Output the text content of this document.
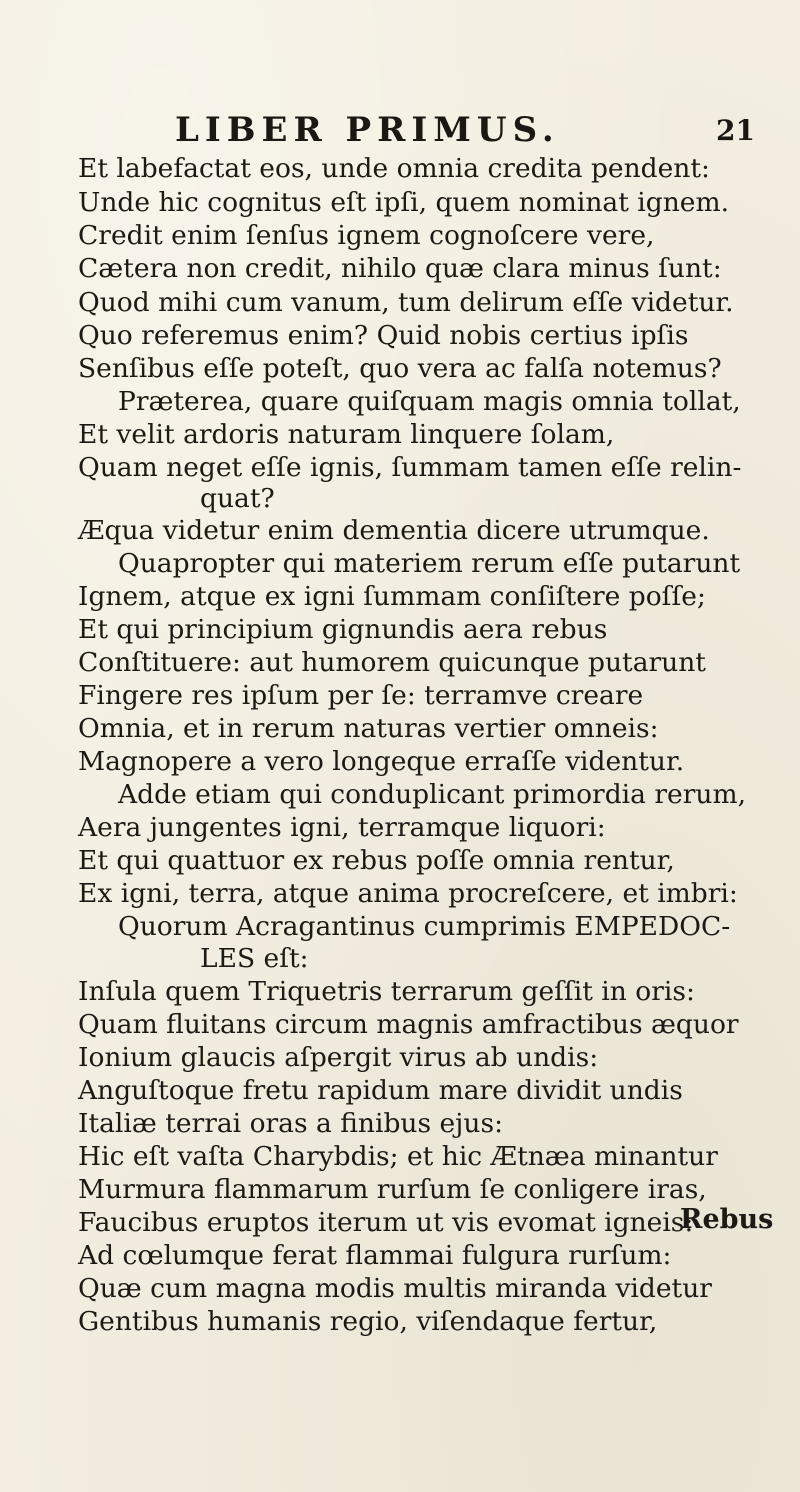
LIBER PRIMUS.	21
Et labefactat eos, unde omnia credita pendent:
Unde hic cognitus eſt ipſi, quem nominat ignem.
Credit enim ſenſus ignem cognoſcere vere,
Cætera non credit, nihilo quæ clara minus ſunt:
Quod mihi cum vanum, tum delirum eſſe videtur.
Quo referemus enim? Quid nobis certius ipſis
Senſibus eſſe poteſt, quo vera ac falſa notemus?
Præterea, quare quiſquam magis omnia tollat,
Et velit ardoris naturam linquere ſolam,
Quam neget eſſe ignis, ſummam tamen eſſe relin-
quat?
Æqua videtur enim dementia dicere utrumque.
Quapropter qui materiem rerum eſſe putarunt
Ignem, atque ex igni ſummam conſiſtere poſſe;
Et qui principium gignundis aera rebus
Conſtituere: aut humorem quicunque putarunt
Fingere res ipſum per ſe: terramve creare
Omnia, et in rerum naturas vertier omneis:
Magnopere a vero longeque erraſſe videntur.
Adde etiam qui conduplicant primordia rerum,
Aera jungentes igni, terramque liquori:
Et qui quattuor ex rebus poſſe omnia rentur,
Ex igni, terra, atque anima procreſcere, et imbri:
Quorum Acragantinus cumprimis EMPEDOC-
LES eſt:
Inſula quem Triquetris terrarum geſſit in oris:
Quam fluitans circum magnis amfractibus æquor
Ionium glaucis aſpergit virus ab undis:
Anguſtoque fretu rapidum mare dividit undis
Italiæ terrai oras a finibus ejus:
Hic eſt vaſta Charybdis; et hic Ætnæa minantur
Murmura flammarum rurſum ſe conligere iras,
Faucibus eruptos iterum ut vis evomat igneis:
Ad cœlumque ferat flammai fulgura rurſum:
Quæ cum magna modis multis miranda videtur
Gentibus humanis regio, viſendaque fertur,
Rebus
